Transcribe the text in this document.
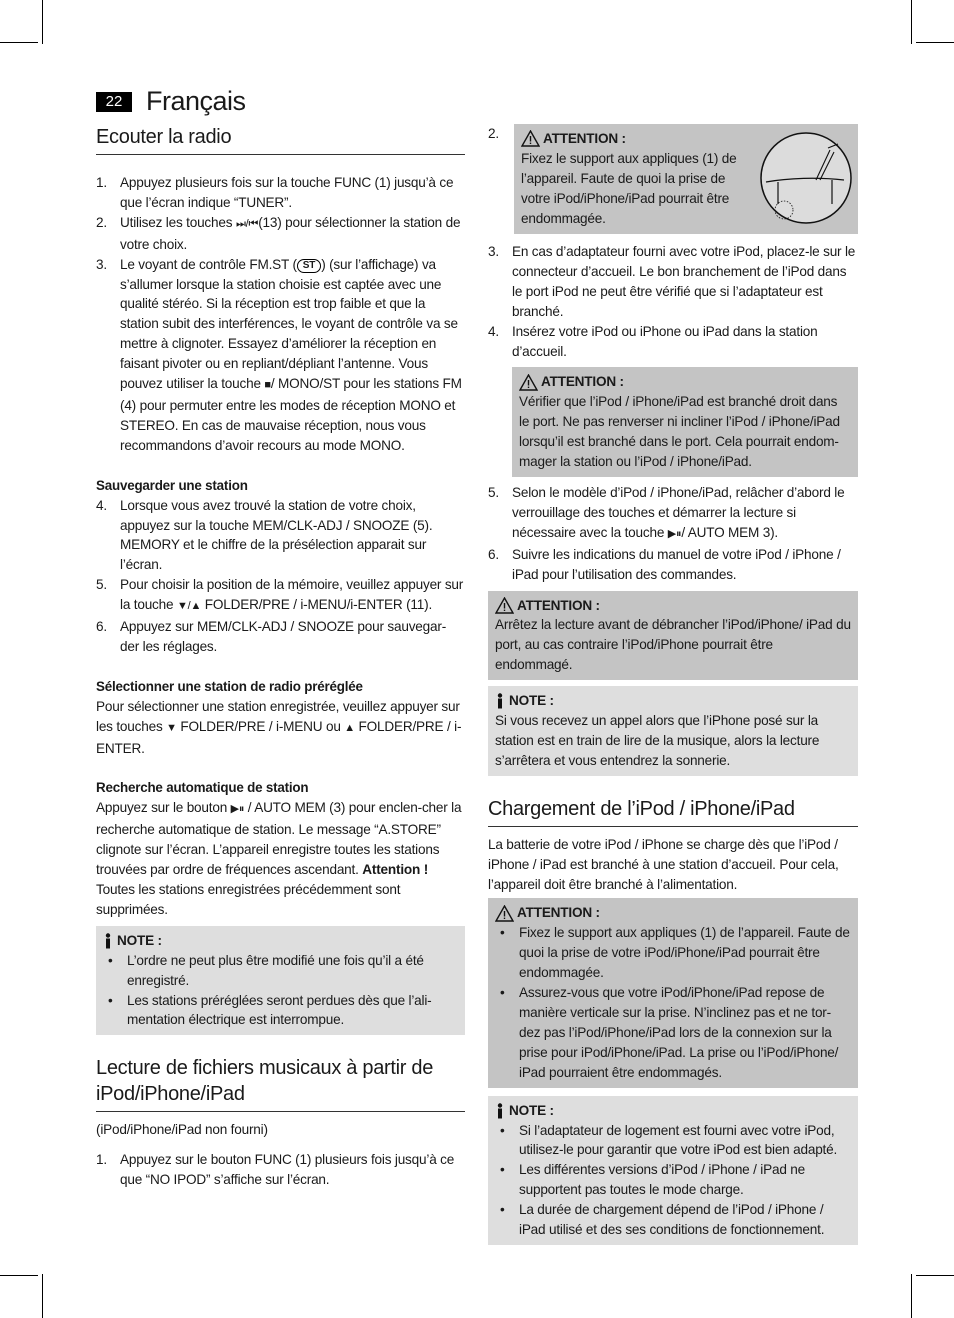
22 Français
Ecouter la radio
1. Appuyez plusieurs fois sur la touche FUNC (1) jusqu’à ce que l’écran indique “TUNER”.
2. Utilisez les touches ⏭/⏮(13) pour sélectionner la station de votre choix.
3. Le voyant de contrôle FM.ST ( ST ) (sur l’affichage) va s’allumer lorsque la station choisie est captée avec une qualité stéréo. Si la réception est trop faible et que la station subit des interférences, le voyant de contrôle va se mettre à clignoter. Essayez d’améliorer la réception en faisant pivoter ou en repliant/dépliant l’antenne. Vous pouvez utiliser la touche ■/ MONO/ST pour les stations FM (4) pour permuter entre les modes de réception MONO et STEREO. En cas de mauvaise réception, nous vous recommandons d’avoir recours au mode MONO.
Sauvegarder une station
4. Lorsque vous avez trouvé la station de votre choix, appuyez sur la touche MEM/CLK-ADJ / SNOOZE (5). MEMORY et le chiffre de la présélection apparait sur l’écran.
5. Pour choisir la position de la mémoire, veuillez appuyer sur la touche ▼/▲ FOLDER/PRE / i-MENU/i-ENTER (11).
6. Appuyez sur MEM/CLK-ADJ / SNOOZE pour sauvegar-der les réglages.
Sélectionner une station de radio préréglée

Pour sélectionner une station enregistrée, veuillez appuyer sur les touches ▼ FOLDER/PRE / i-MENU ou ▲ FOLDER/PRE / i-ENTER.

Recherche automatique de station

Appuyez sur le bouton ▶⏸ / AUTO MEM (3) pour enclen-cher la recherche automatique de station. Le message “A.STORE” clignote sur l’écran. L’appareil enregistre toutes les stations trouvées par ordre de fréquences ascendant. Attention ! Toutes les stations enregistrées précédemment sont supprimées.

NOTE :
• L’ordre ne peut plus être modifié une fois qu’il a été enregistré.
• Les stations préréglées seront perdues dès que l’ali-mentation électrique est interrompue.
Lecture de fichiers musicaux à partir de iPod/iPhone/iPad

(iPod/iPhone/iPad non fourni)

1. Appuyez sur le bouton FUNC (1) plusieurs fois jusqu’à ce que “NO IPOD” s’affiche sur l’écran.
2.	ATTENTION :

Fixez le support aux appliques (1) de l’appareil. Faute de quoi la prise de votre iPod/iPhone/iPad pourrait être endommagée.

3. En cas d’adaptateur fourni avec votre iPod, placez-le sur le connecteur d’accueil. Le bon branchement de l’iPod dans le port iPod ne peut être vérifié que si l’adaptateur est branché.
4. Insérez votre iPod ou iPhone ou iPad dans la station d’accueil.
ATTENTION :

Vérifier que l’iPod / iPhone/iPad est branché droit dans le port. Ne pas renverser ni incliner l’iPod / iPhone/iPad lorsqu’il est branché dans le port. Cela pourrait endom-mager la station ou l’iPod / iPhone/iPad.

5. Selon le modèle d’iPod / iPhone/iPad, relâcher d’abord le verrouillage des touches et démarrer la lecture si nécessaire avec la touche ▶⏸/ AUTO MEM 3).
6. Suivre les indications du manuel de votre iPod / iPhone / iPad pour l’utilisation des commandes.
ATTENTION :

Arrêtez la lecture avant de débrancher l’iPod/iPhone/ iPad du port, au cas contraire l’iPod/iPhone pourrait être endommagé.

NOTE :

Si vous recevez un appel alors que l’iPhone posé sur la station est en train de lire de la musique, alors la lecture s’arrêtera et vous entendrez la sonnerie.

Chargement de l’iPod / iPhone/iPad

La batterie de votre iPod / iPhone se charge dès que l’iPod / iPhone / iPad est branché à une station d’accueil. Pour cela, l’appareil doit être branché à l’alimentation.

ATTENTION :
• Fixez le support aux appliques (1) de l’appareil. Faute de quoi la prise de votre iPod/iPhone/iPad pourrait être endommagée.
• Assurez-vous que votre iPod/iPhone/iPad repose de manière verticale sur la prise. N’inclinez pas et ne tor-dez pas l’iPod/iPhone/iPad lors de la connexion sur la prise pour iPod/iPhone/iPad. La prise ou l’iPod/iPhone/ iPad pourraient être endommagés.
NOTE :
• Si l’adaptateur de logement est fourni avec votre iPod, utilisez-le pour garantir que votre iPod est bien adapté.
• Les différentes versions d’iPod / iPhone / iPad ne supportent pas toutes le mode charge.
• La durée de chargement dépend de l’iPod / iPhone / iPad utilisé et des ses conditions de fonctionnement.
